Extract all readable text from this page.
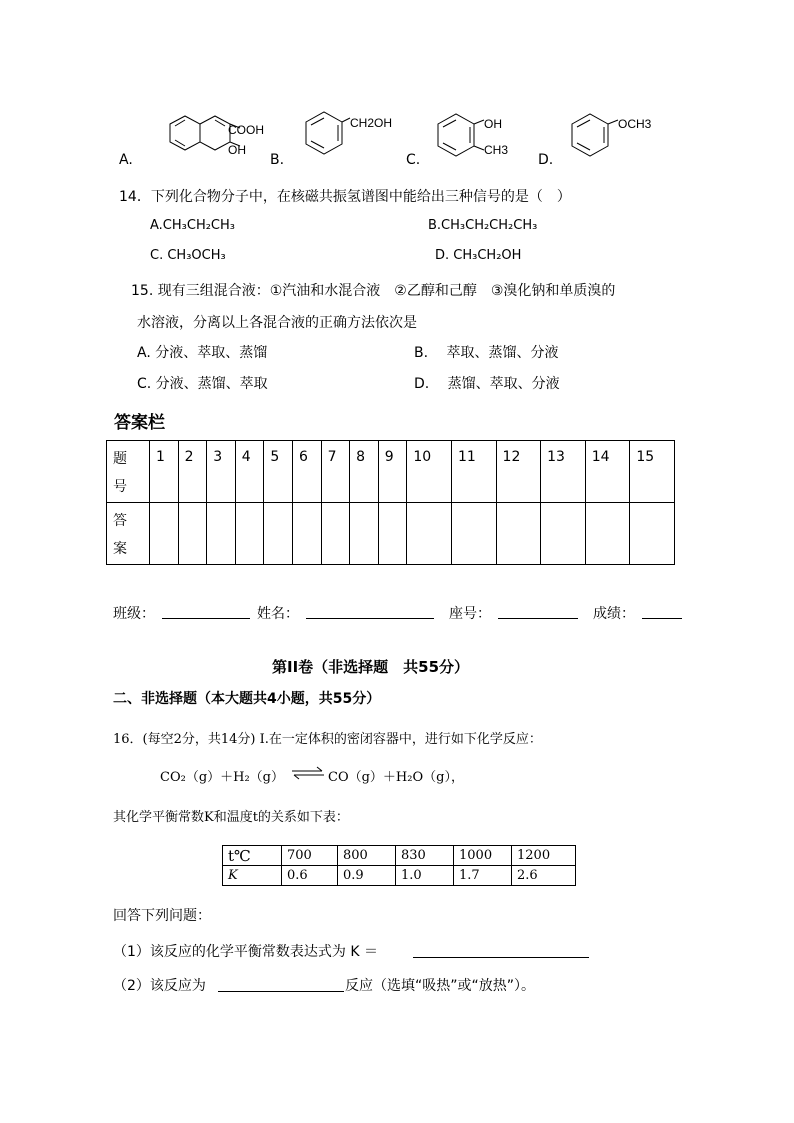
A.
COOH
OH
B.
CH2OH
C.
OH
CH3
D.
OCH3
14．下列化合物分子中，在核磁共振氢谱图中能给出三种信号的是（　）
A.CH₃CH₂CH₃	B.CH₃CH₂CH₂CH₃
C. CH₃OCH₃	D. CH₃CH₂OH
15. 现有三组混合液：①汽油和水混合液　②乙醇和己醇　③溴化钠和单质溴的
水溶液，分离以上各混合液的正确方法依次是
A. 分液、萃取、蒸馏	B.　 萃取、蒸馏、分液
C. 分液、蒸馏、萃取	D.　 蒸馏、萃取、分液
答案栏
题
号	1	2	3	4	5	6	7	8	9	10	11	12	13	14	15

答
案															

班级：	姓名：	座号：	成绩：
第II卷（非选择题　共55分）
二、非选择题（本大题共4小题，共55分）
16．(每空2分，共14分) Ⅰ.在一定体积的密闭容器中，进行如下化学反应：
CO₂（g）＋H₂（g） ⇌ CO（g）＋H₂O（g），
其化学平衡常数K和温度t的关系如下表：
t℃	700	800	830	1000	1200
K	0.6	0.9	1.0	1.7	2.6
回答下列问题：
（1）该反应的化学平衡常数表达式为 K ＝
（2）该反应为	反应（选填“吸热”或“放热”）。
